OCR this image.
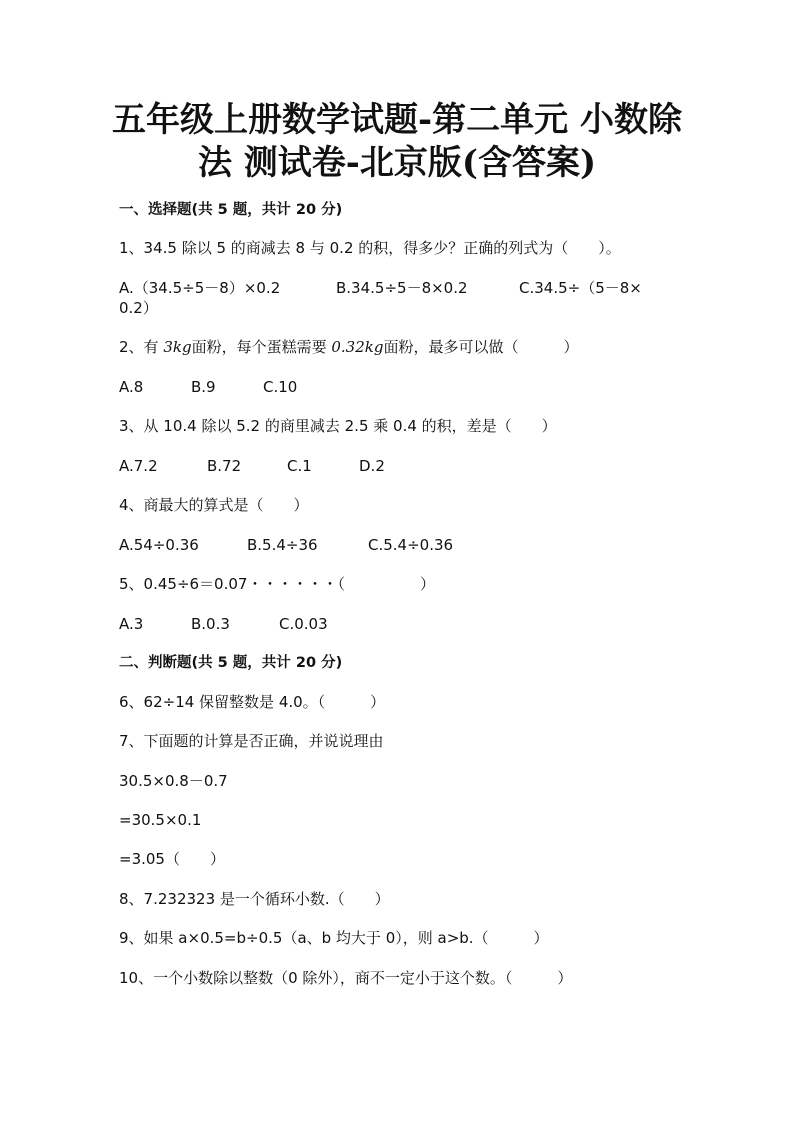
五年级上册数学试题-第二单元 小数除
法 测试卷-北京版(含答案)
一、选择题(共 5 题，共计 20 分)
1、34.5 除以 5 的商减去 8 与 0.2 的积，得多少？正确的列式为（　　）。
A.（34.5÷5－8）×0.2	B.34.5÷5－8×0.2	C.34.5÷（5－8×
0.2）
2、有 3kg面粉，每个蛋糕需要 0.32kg面粉，最多可以做（　　　）
A.8	B.9	C.10
3、从 10.4 除以 5.2 的商里减去 2.5 乘 0.4 的积，差是（　　）
A.7.2	B.72	C.1	D.2
4、商最大的算式是（　　）
A.54÷0.36	B.5.4÷36	C.5.4÷0.36
5、0.45÷6＝0.07・・・・・・（　　　　　）
A.3	B.0.3	C.0.03
二、判断题(共 5 题，共计 20 分)
6、62÷14 保留整数是 4.0。（　　　）
7、下面题的计算是否正确，并说说理由
30.5×0.8－0.7
=30.5×0.1
=3.05（　　）
8、7.232323 是一个循环小数.（　　）
9、如果 a×0.5=b÷0.5（a、b 均大于 0），则 a>b.（　　　）
10、一个小数除以整数（0 除外），商不一定小于这个数。（　　　）
